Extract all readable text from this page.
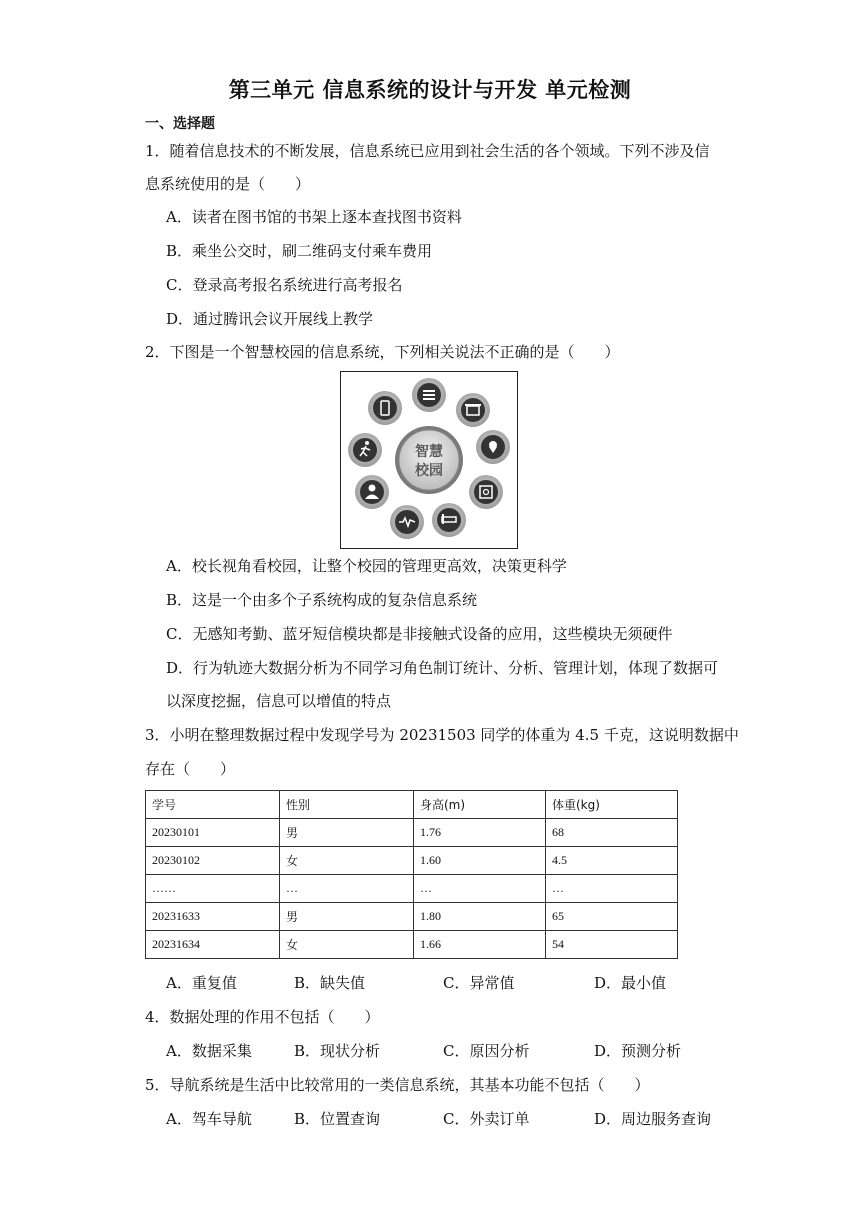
第三单元 信息系统的设计与开发 单元检测
一、选择题
1．随着信息技术的不断发展，信息系统已应用到社会生活的各个领域。下列不涉及信
息系统使用的是（　　）
A．读者在图书馆的书架上逐本查找图书资料
B．乘坐公交时，刷二维码支付乘车费用
C．登录高考报名系统进行高考报名
D．通过腾讯会议开展线上教学
2．下图是一个智慧校园的信息系统，下列相关说法不正确的是（　　）
智慧
校园
A．校长视角看校园，让整个校园的管理更高效，决策更科学
B．这是一个由多个子系统构成的复杂信息系统
C．无感知考勤、蓝牙短信模块都是非接触式设备的应用，这些模块无须硬件
D．行为轨迹大数据分析为不同学习角色制订统计、分析、管理计划，体现了数据可
以深度挖掘，信息可以增值的特点
3．小明在整理数据过程中发现学号为 20231503 同学的体重为 4.5 千克，这说明数据中
存在（　　）
学号	性别	身高(m)	体重(kg)
20230101	男	1.76	68
20230102	女	1.60	4.5
……	…	…	…
20231633	男	1.80	65
20231634	女	1.66	54
A．重复值	B．缺失值	C．异常值	D．最小值
4．数据处理的作用不包括（　　）
A．数据采集	B．现状分析	C．原因分析	D．预测分析
5．导航系统是生活中比较常用的一类信息系统，其基本功能不包括（　　）
A．驾车导航	B．位置查询	C．外卖订单	D．周边服务查询
